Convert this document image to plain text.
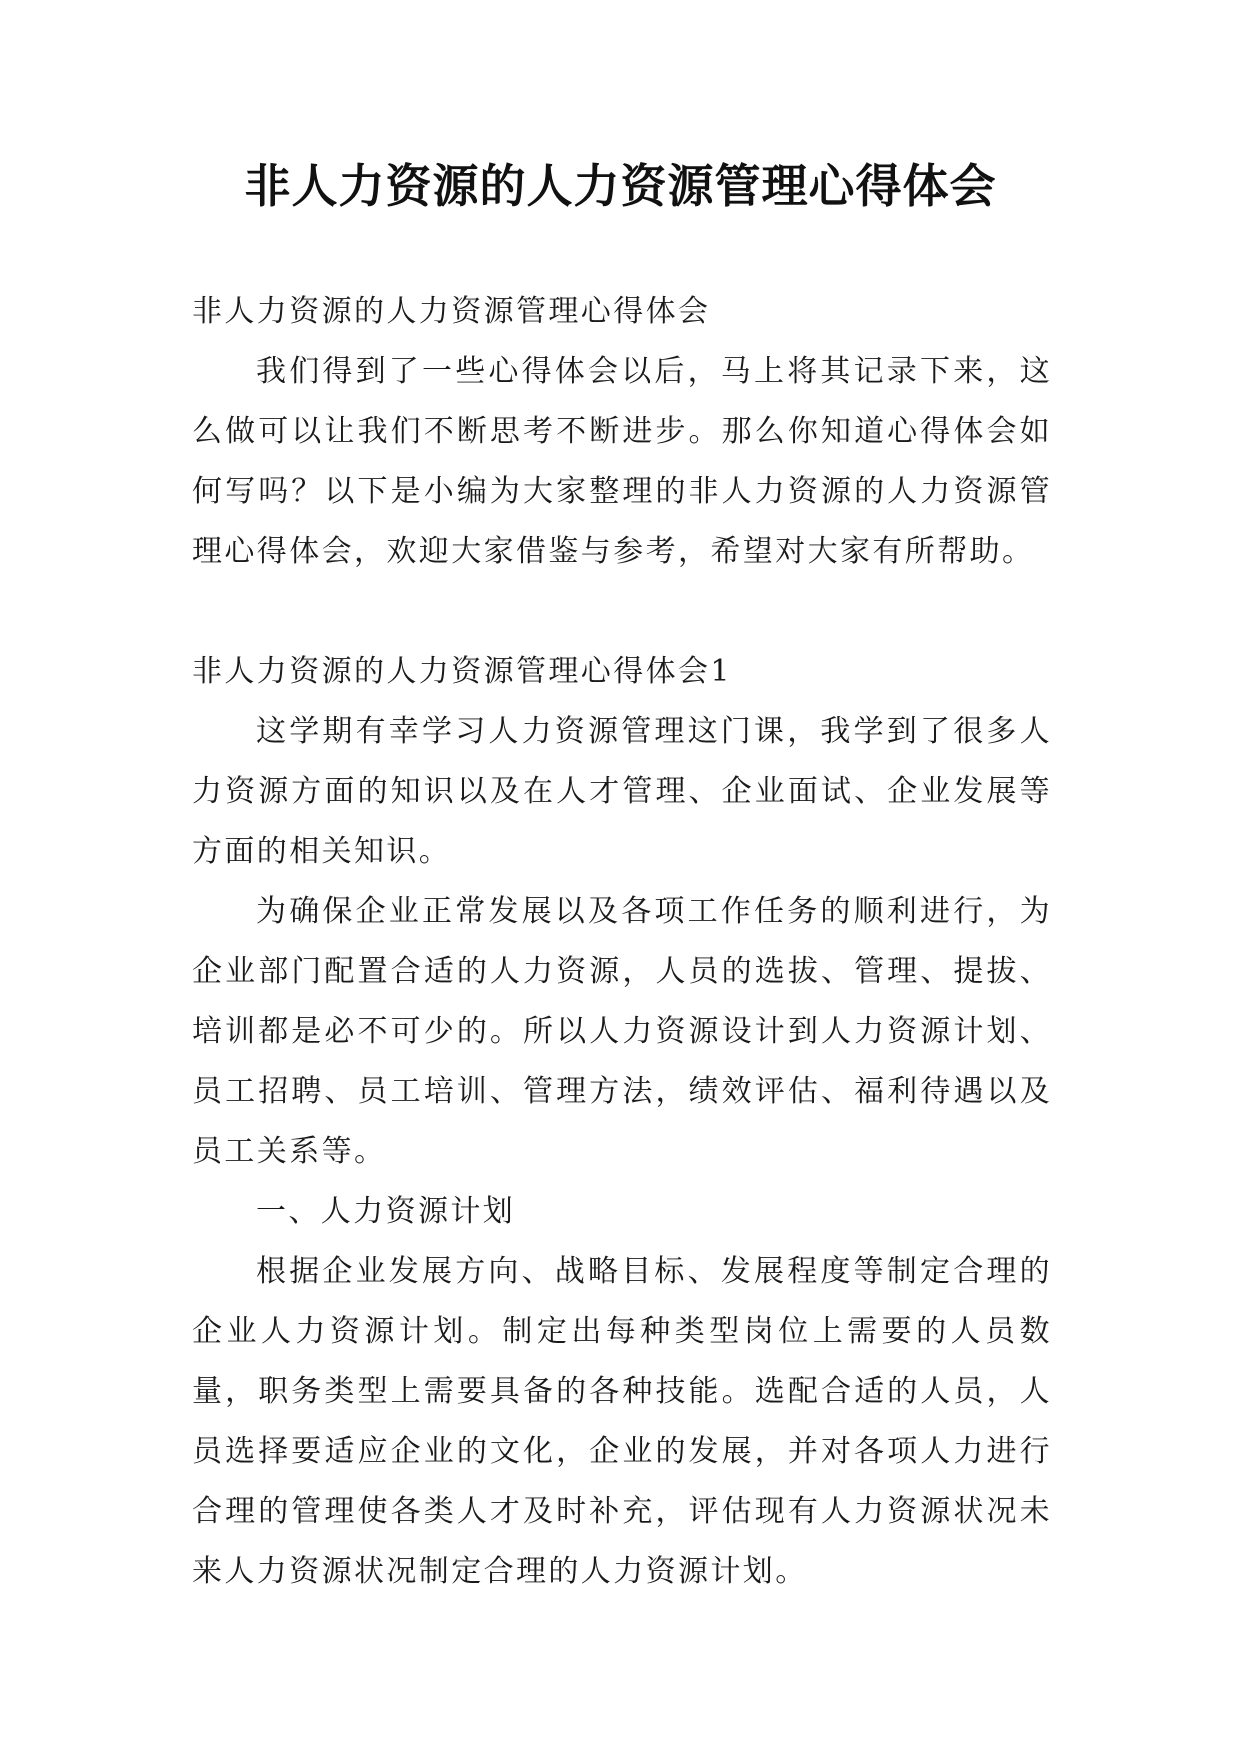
非人力资源的人力资源管理心得体会

非人力资源的人力资源管理心得体会

我们得到了一些心得体会以后，马上将其记录下来，这么做可以让我们不断思考不断进步。那么你知道心得体会如何写吗？以下是小编为大家整理的非人力资源的人力资源管理心得体会，欢迎大家借鉴与参考，希望对大家有所帮助。

非人力资源的人力资源管理心得体会1

这学期有幸学习人力资源管理这门课，我学到了很多人力资源方面的知识以及在人才管理、企业面试、企业发展等方面的相关知识。

为确保企业正常发展以及各项工作任务的顺利进行，为企业部门配置合适的人力资源，人员的选拔、管理、提拔、培训都是必不可少的。所以人力资源设计到人力资源计划、员工招聘、员工培训、管理方法，绩效评估、福利待遇以及员工关系等。

一、人力资源计划

根据企业发展方向、战略目标、发展程度等制定合理的企业人力资源计划。制定出每种类型岗位上需要的人员数量，职务类型上需要具备的各种技能。选配合适的人员，人员选择要适应企业的文化，企业的发展，并对各项人力进行合理的管理使各类人才及时补充，评估现有人力资源状况未来人力资源状况制定合理的人力资源计划。
